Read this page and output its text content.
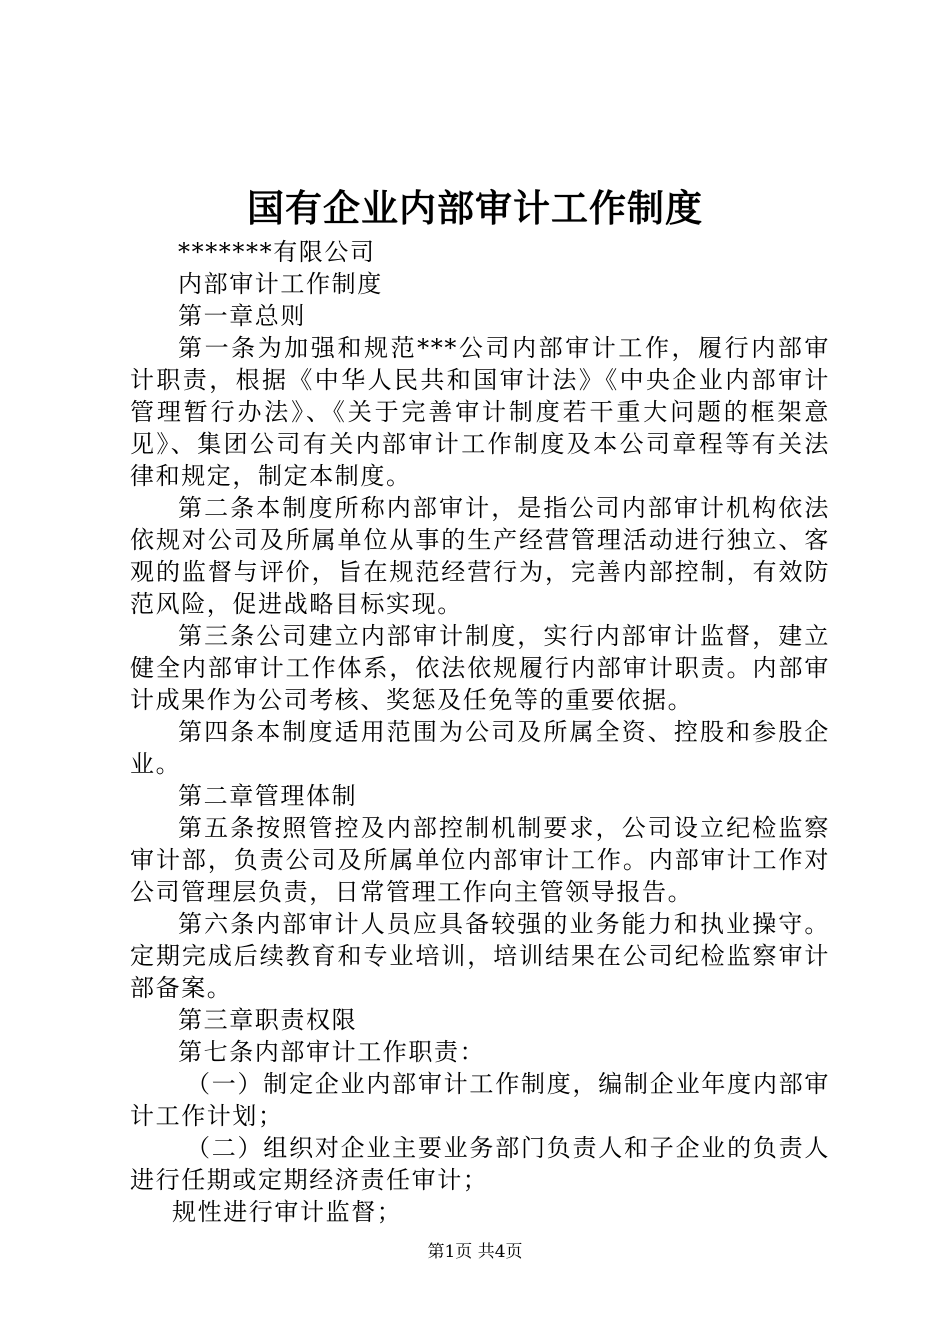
国有企业内部审计工作制度

*******有限公司

内部审计工作制度

第一章总则

第一条为加强和规范***公司内部审计工作，履行内部审计职责，根据《中华人民共和国审计法》《中央企业内部审计管理暂行办法》、《关于完善审计制度若干重大问题的框架意见》、集团公司有关内部审计工作制度及本公司章程等有关法律和规定，制定本制度。

第二条本制度所称内部审计，是指公司内部审计机构依法依规对公司及所属单位从事的生产经营管理活动进行独立、客观的监督与评价，旨在规范经营行为，完善内部控制，有效防范风险，促进战略目标实现。

第三条公司建立内部审计制度，实行内部审计监督，建立健全内部审计工作体系，依法依规履行内部审计职责。内部审计成果作为公司考核、奖惩及任免等的重要依据。

第四条本制度适用范围为公司及所属全资、控股和参股企业。

第二章管理体制

第五条按照管控及内部控制机制要求，公司设立纪检监察审计部，负责公司及所属单位内部审计工作。内部审计工作对公司管理层负责，日常管理工作向主管领导报告。

第六条内部审计人员应具备较强的业务能力和执业操守。定期完成后续教育和专业培训，培训结果在公司纪检监察审计部备案。

第三章职责权限

第七条内部审计工作职责：

（一）制定企业内部审计工作制度，编制企业年度内部审计工作计划；

（二）组织对企业主要业务部门负责人和子企业的负责人进行任期或定期经济责任审计；

规性进行审计监督；

第1页 共4页
